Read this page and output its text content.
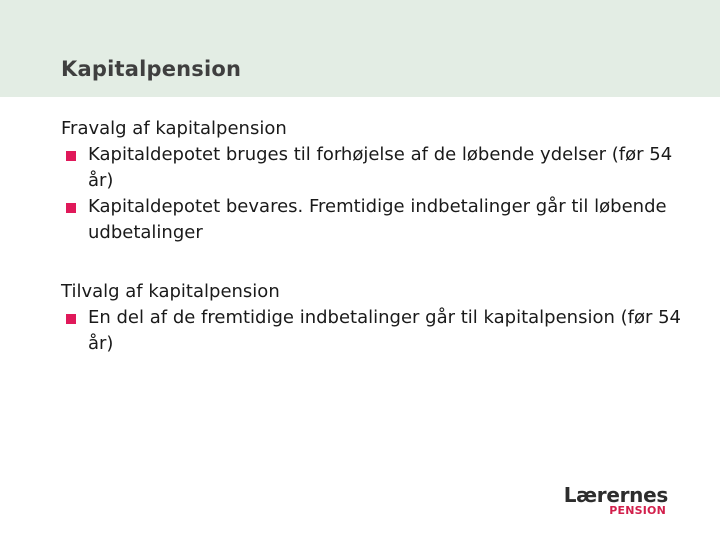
Kapitalpension

Fravalg af kapitalpension

Kapitaldepotet bruges til forhøjelse af de løbende ydelser (før 54 år)
Kapitaldepotet bevares. Fremtidige indbetalinger går til løbende udbetalinger

Tilvalg af kapitalpension

En del af de fremtidige indbetalinger går til kapitalpension (før 54 år)
Lærernes
PENSION
